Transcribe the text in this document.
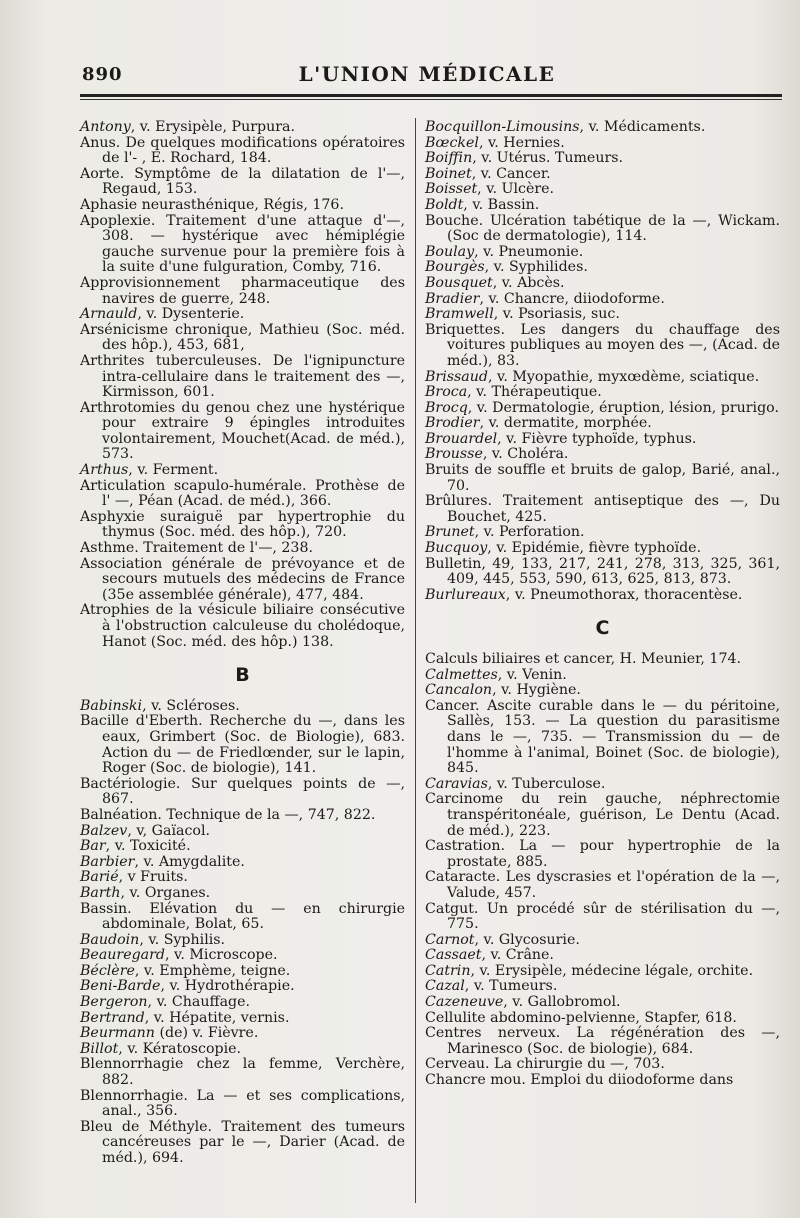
890	L'UNION MÉDICALE

Antony, v. Erysipèle, Purpura.

Anus. De quelques modifications opératoires de l'- , E. Rochard, 184.

Aorte. Symptôme de la dilatation de l'—, Regaud, 153.

Aphasie neurasthénique, Régis, 176.

Apoplexie. Traitement d'une attaque d'—, 308. — hystérique avec hémiplégie gauche survenue pour la première fois à la suite d'une fulguration, Comby, 716.

Approvisionnement pharmaceutique des navires de guerre, 248.

Arnauld, v. Dysenterie.

Arsénicisme chronique, Mathieu (Soc. méd. des hôp.), 453, 681,

Arthrites tuberculeuses. De l'ignipuncture intra-cellulaire dans le traitement des —, Kirmisson, 601.

Arthrotomies du genou chez une hystérique pour extraire 9 épingles introduites volontairement, Mouchet(Acad. de méd.), 573.

Arthus, v. Ferment.

Articulation scapulo-humérale. Prothèse de l' —, Péan (Acad. de méd.), 366.

Asphyxie suraiguë par hypertrophie du thymus (Soc. méd. des hôp.), 720.

Asthme. Traitement de l'—, 238.

Association générale de prévoyance et de secours mutuels des médecins de France (35e assemblée générale), 477, 484.

Atrophies de la vésicule biliaire consécutive à l'obstruction calculeuse du cholédoque, Hanot (Soc. méd. des hôp.) 138.

B

Babinski, v. Scléroses.

Bacille d'Eberth. Recherche du —, dans les eaux, Grimbert (Soc. de Biologie), 683. Action du — de Friedlœnder, sur le lapin, Roger (Soc. de biologie), 141.

Bactériologie. Sur quelques points de —, 867.

Balnéation. Technique de la —, 747, 822.

Balzev, v, Gaïacol.

Bar, v. Toxicité.

Barbier, v. Amygdalite.

Barié, v Fruits.

Barth, v. Organes.

Bassin. Elévation du — en chirurgie abdominale, Bolat, 65.

Baudoin, v. Syphilis.

Beauregard, v. Microscope.

Béclère, v. Emphème, teigne.

Beni-Barde, v. Hydrothérapie.

Bergeron, v. Chauffage.

Bertrand, v. Hépatite, vernis.

Beurmann (de) v. Fièvre.

Billot, v. Kératoscopie.

Blennorrhagie chez la femme, Verchère, 882.

Blennorrhagie. La — et ses complications, anal., 356.

Bleu de Méthyle. Traitement des tumeurs cancéreuses par le —, Darier (Acad. de méd.), 694.

Bocquillon-Limousins, v. Médicaments.

Bœckel, v. Hernies.

Boiffin, v. Utérus. Tumeurs.

Boinet, v. Cancer.

Boisset, v. Ulcère.

Boldt, v. Bassin.

Bouche. Ulcération tabétique de la —, Wickam. (Soc de dermatologie), 114.

Boulay, v. Pneumonie.

Bourgès, v. Syphilides.

Bousquet, v. Abcès.

Bradier, v. Chancre, diiodoforme.

Bramwell, v. Psoriasis, suc.

Briquettes. Les dangers du chauffage des voitures publiques au moyen des —, (Acad. de méd.), 83.

Brissaud, v. Myopathie, myxœdème, sciatique.

Broca, v. Thérapeutique.

Brocq, v. Dermatologie, éruption, lésion, prurigo.

Brodier, v. dermatite, morphée.

Brouardel, v. Fièvre typhoïde, typhus.

Brousse, v. Choléra.

Bruits de souffle et bruits de galop, Barié, anal., 70.

Brûlures. Traitement antiseptique des —, Du Bouchet, 425.

Brunet, v. Perforation.

Bucquoy, v. Epidémie, fièvre typhoïde.

Bulletin, 49, 133, 217, 241, 278, 313, 325, 361, 409, 445, 553, 590, 613, 625, 813, 873.

Burlureaux, v. Pneumothorax, thoracentèse.

C

Calculs biliaires et cancer, H. Meunier, 174.

Calmettes, v. Venin.

Cancalon, v. Hygiène.

Cancer. Ascite curable dans le — du péritoine, Sallès, 153. — La question du parasitisme dans le —, 735. — Transmission du — de l'homme à l'animal, Boinet (Soc. de biologie), 845.

Caravias, v. Tuberculose.

Carcinome du rein gauche, néphrectomie transpéritonéale, guérison, Le Dentu (Acad. de méd.), 223.

Castration. La — pour hypertrophie de la prostate, 885.

Cataracte. Les dyscrasies et l'opération de la —, Valude, 457.

Catgut. Un procédé sûr de stérilisation du —, 775.

Carnot, v. Glycosurie.

Cassaet, v. Crâne.

Catrin, v. Erysipèle, médecine légale, orchite.

Cazal, v. Tumeurs.

Cazeneuve, v. Gallobromol.

Cellulite abdomino-pelvienne, Stapfer, 618.

Centres nerveux. La régénération des —, Marinesco (Soc. de biologie), 684.

Cerveau. La chirurgie du —, 703.

Chancre mou. Emploi du diiodoforme dans
